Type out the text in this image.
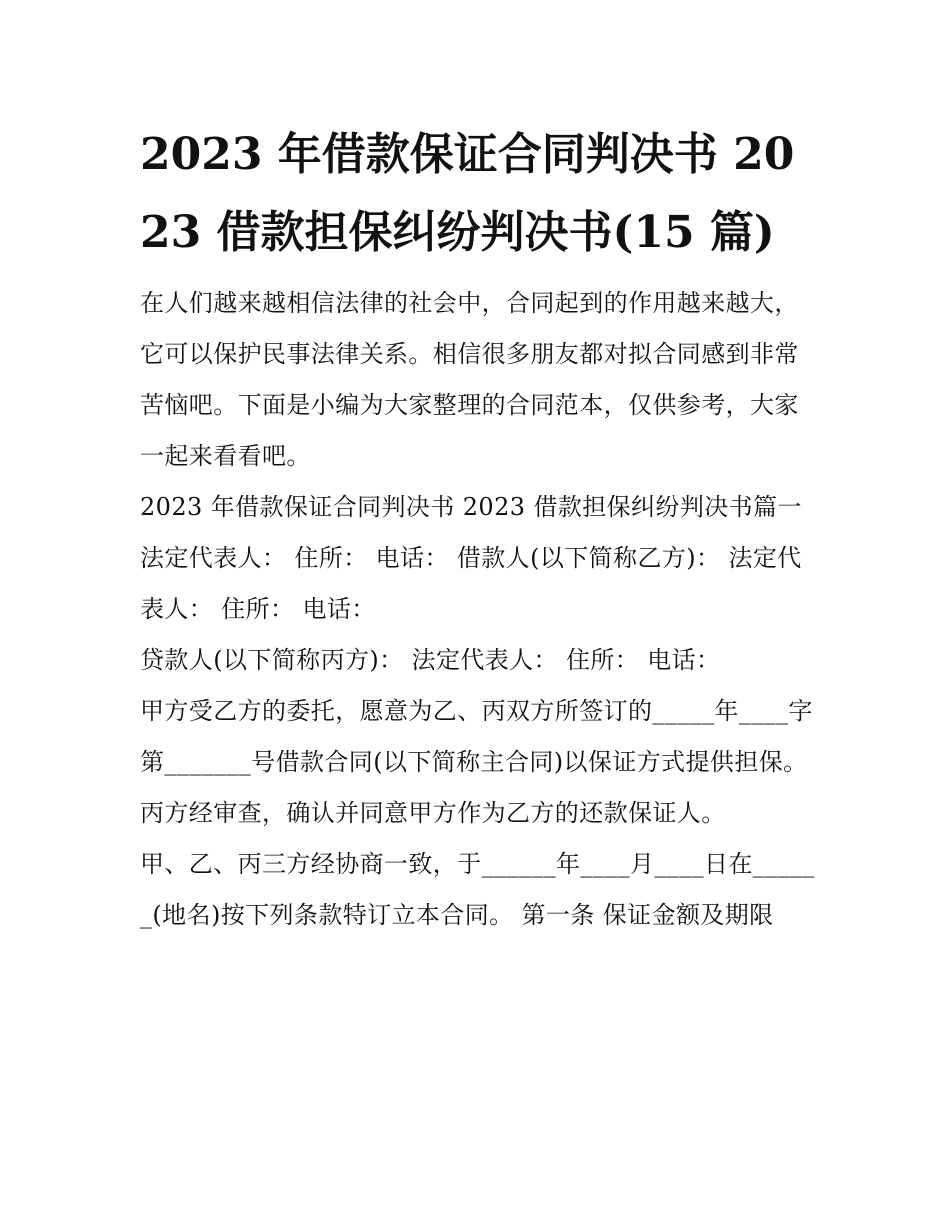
2023 年借款保证合同判决书 2023 借款担保纠纷判决书(15 篇)

在人们越来越相信法律的社会中，合同起到的作用越来越大，它可以保护民事法律关系。相信很多朋友都对拟合同感到非常苦恼吧。下面是小编为大家整理的合同范本，仅供参考，大家一起来看看吧。

2023 年借款保证合同判决书 2023 借款担保纠纷判决书篇一 法定代表人： 住所： 电话： 借款人(以下简称乙方)： 法定代表人： 住所： 电话：

贷款人(以下简称丙方)： 法定代表人： 住所： 电话：

甲方受乙方的委托，愿意为乙、丙双方所签订的_____年____字第_______号借款合同(以下简称主合同)以保证方式提供担保。

丙方经审查，确认并同意甲方作为乙方的还款保证人。

甲、乙、丙三方经协商一致，于______年____月____日在______(地名)按下列条款特订立本合同。 第一条 保证金额及期限
